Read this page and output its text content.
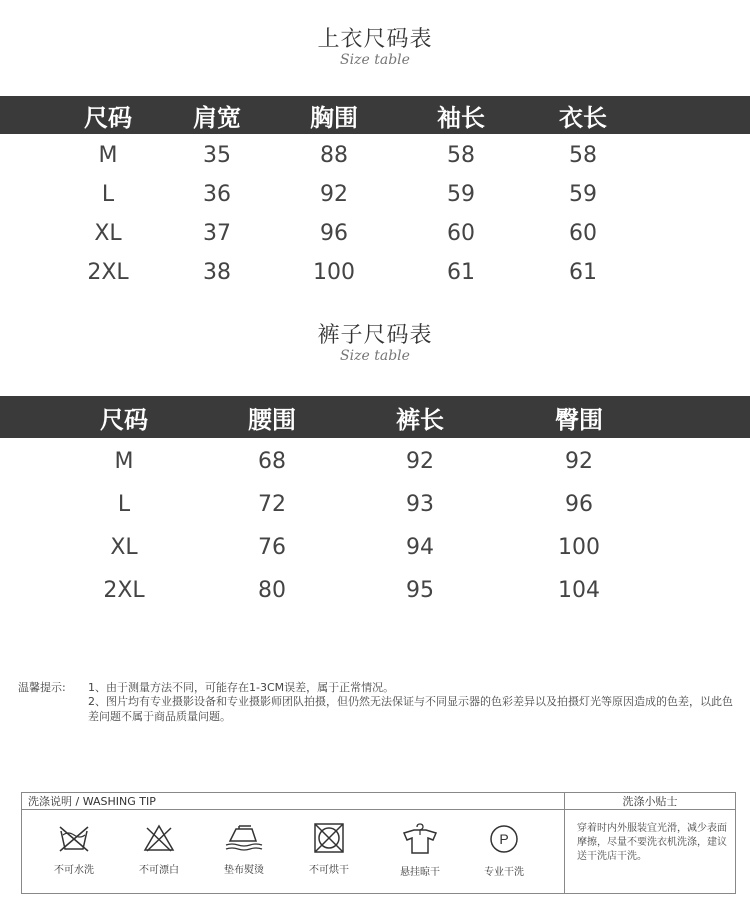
上衣尺码表
Size table
尺码	肩宽	胸围	袖长	衣长
M	35	88	58	58
L	36	92	59	59
XL	37	96	60	60
2XL	38	100	61	61
裤子尺码表
Size table
尺码	腰围	裤长	臀围
M	68	92	92
L	72	93	96
XL	76	94	100
2XL	80	95	104
温馨提示: 1、由于测量方法不同，可能存在1-3CM误差，属于正常情况。
2、图片均有专业摄影设备和专业摄影师团队拍摄，但仍然无法保证与不同显示器的色彩差异以及拍摄灯光等原因造成的色差，以此色差问题不属于商品质量问题。
洗涤说明 / WASHING TIP	洗涤小贴士
穿着时内外服装宜光滑，减少表面摩擦，尽量不要洗衣机洗涤，建议送干洗店干洗。
不可水洗	不可漂白	垫布熨烫	不可烘干	悬挂晾干
P
专业干洗
